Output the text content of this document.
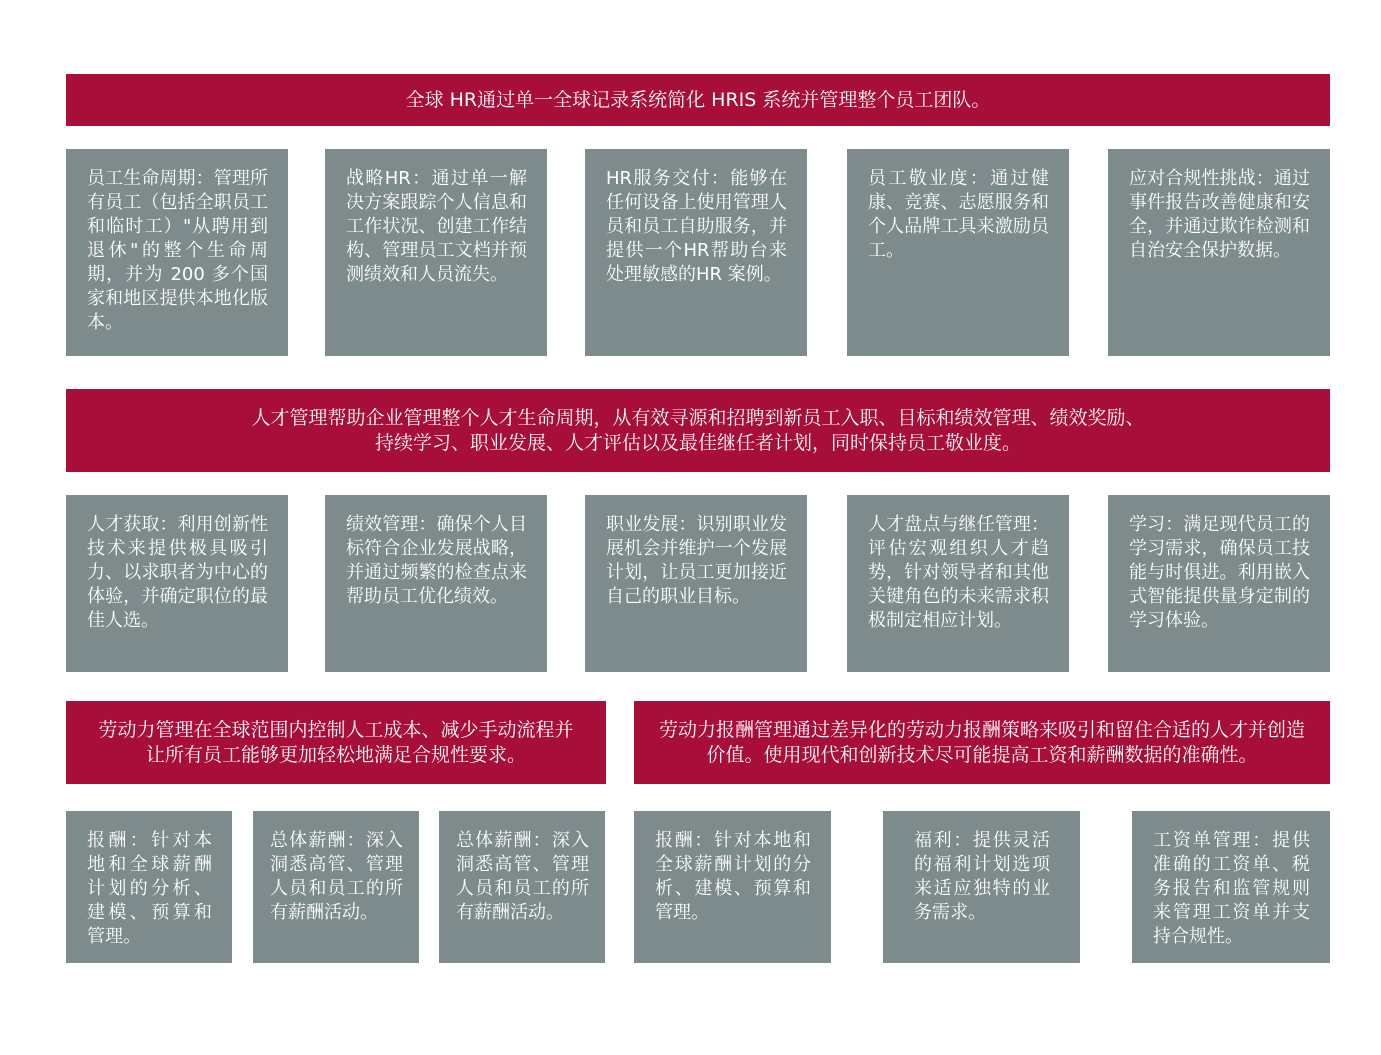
全球 HR通过单一全球记录系统简化 HRIS 系统并管理整个员工团队。

员工生命周期：管理所有员工（包括全职员工和临时工）"从聘用到退休"的整个生命周期，并为 200 多个国家和地区提供本地化版本。

战略HR：通过单一解决方案跟踪个人信息和工作状况、创建工作结构、管理员工文档并预测绩效和人员流失。

HR服务交付：能够在任何设备上使用管理人员和员工自助服务，并提供一个HR帮助台来处理敏感的HR 案例。

员工敬业度：通过健康、竞赛、志愿服务和个人品牌工具来激励员工。

应对合规性挑战：通过事件报告改善健康和安全，并通过欺诈检测和自治安全保护数据。

人才管理帮助企业管理整个人才生命周期，从有效寻源和招聘到新员工入职、目标和绩效管理、绩效奖励、
持续学习、职业发展、人才评估以及最佳继任者计划，同时保持员工敬业度。

人才获取：利用创新性技术来提供极具吸引力、以求职者为中心的体验，并确定职位的最佳人选。

绩效管理：确保个人目标符合企业发展战略，并通过频繁的检查点来帮助员工优化绩效。

职业发展：识别职业发展机会并维护一个发展计划，让员工更加接近自己的职业目标。

人才盘点与继任管理：评估宏观组织人才趋势，针对领导者和其他关键角色的未来需求积极制定相应计划。

学习：满足现代员工的学习需求，确保员工技能与时俱进。利用嵌入式智能提供量身定制的学习体验。

劳动力管理在全球范围内控制人工成本、减少手动流程并让所有员工能够更加轻松地满足合规性要求。
劳动力报酬管理通过差异化的劳动力报酬策略来吸引和留住合适的人才并创造价值。使用现代和创新技术尽可能提高工资和薪酬数据的准确性。

报酬：针对本地和全球薪酬计划的分析、建模、预算和管理。

总体薪酬：深入洞悉高管、管理人员和员工的所有薪酬活动。

总体薪酬：深入洞悉高管、管理人员和员工的所有薪酬活动。

报酬：针对本地和全球薪酬计划的分析、建模、预算和管理。

福利：提供灵活的福利计划选项来适应独特的业务需求。

工资单管理：提供准确的工资单、税务报告和监管规则来管理工资单并支持合规性。
